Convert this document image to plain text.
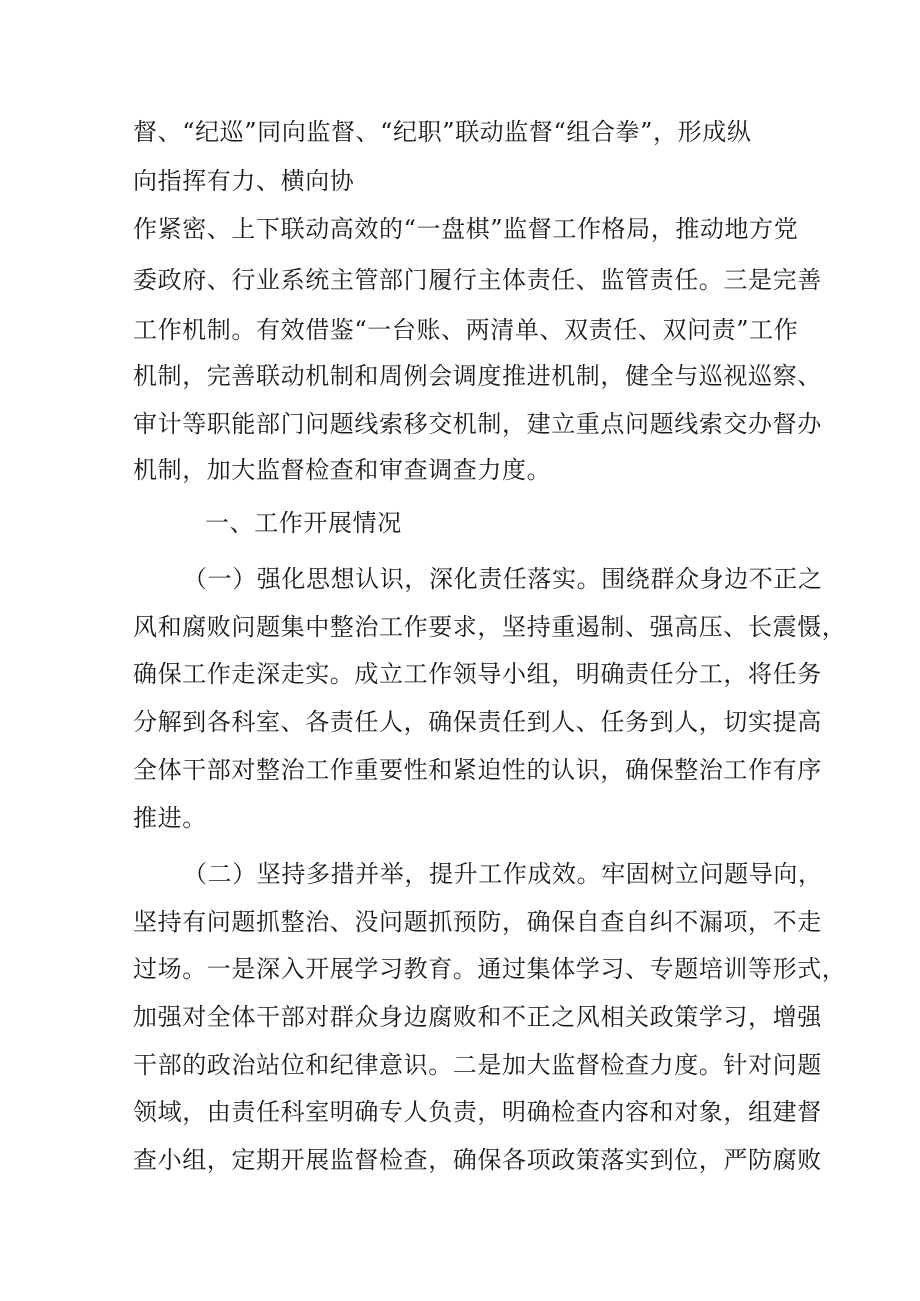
督、“纪巡”同向监督、“纪职”联动监督“组合拳”，形成纵

向指挥有力、横向协

作紧密、上下联动高效的“一盘棋”监督工作格局，推动地方党

委政府、行业系统主管部门履行主体责任、监管责任。三是完善

工作机制。有效借鉴“一台账、两清单、双责任、双问责”工作

机制，完善联动机制和周例会调度推进机制，健全与巡视巡察、

审计等职能部门问题线索移交机制，建立重点问题线索交办督办

机制，加大监督检查和审查调查力度。

一、工作开展情况

（一）强化思想认识，深化责任落实。围绕群众身边不正之

风和腐败问题集中整治工作要求，坚持重遏制、强高压、长震慑，

确保工作走深走实。成立工作领导小组，明确责任分工，将任务

分解到各科室、各责任人，确保责任到人、任务到人，切实提高

全体干部对整治工作重要性和紧迫性的认识，确保整治工作有序

推进。

（二）坚持多措并举，提升工作成效。牢固树立问题导向，

坚持有问题抓整治、没问题抓预防，确保自查自纠不漏项，不走

过场。一是深入开展学习教育。通过集体学习、专题培训等形式，

加强对全体干部对群众身边腐败和不正之风相关政策学习，增强

干部的政治站位和纪律意识。二是加大监督检查力度。针对问题

领域，由责任科室明确专人负责，明确检查内容和对象，组建督

查小组，定期开展监督检查，确保各项政策落实到位，严防腐败
